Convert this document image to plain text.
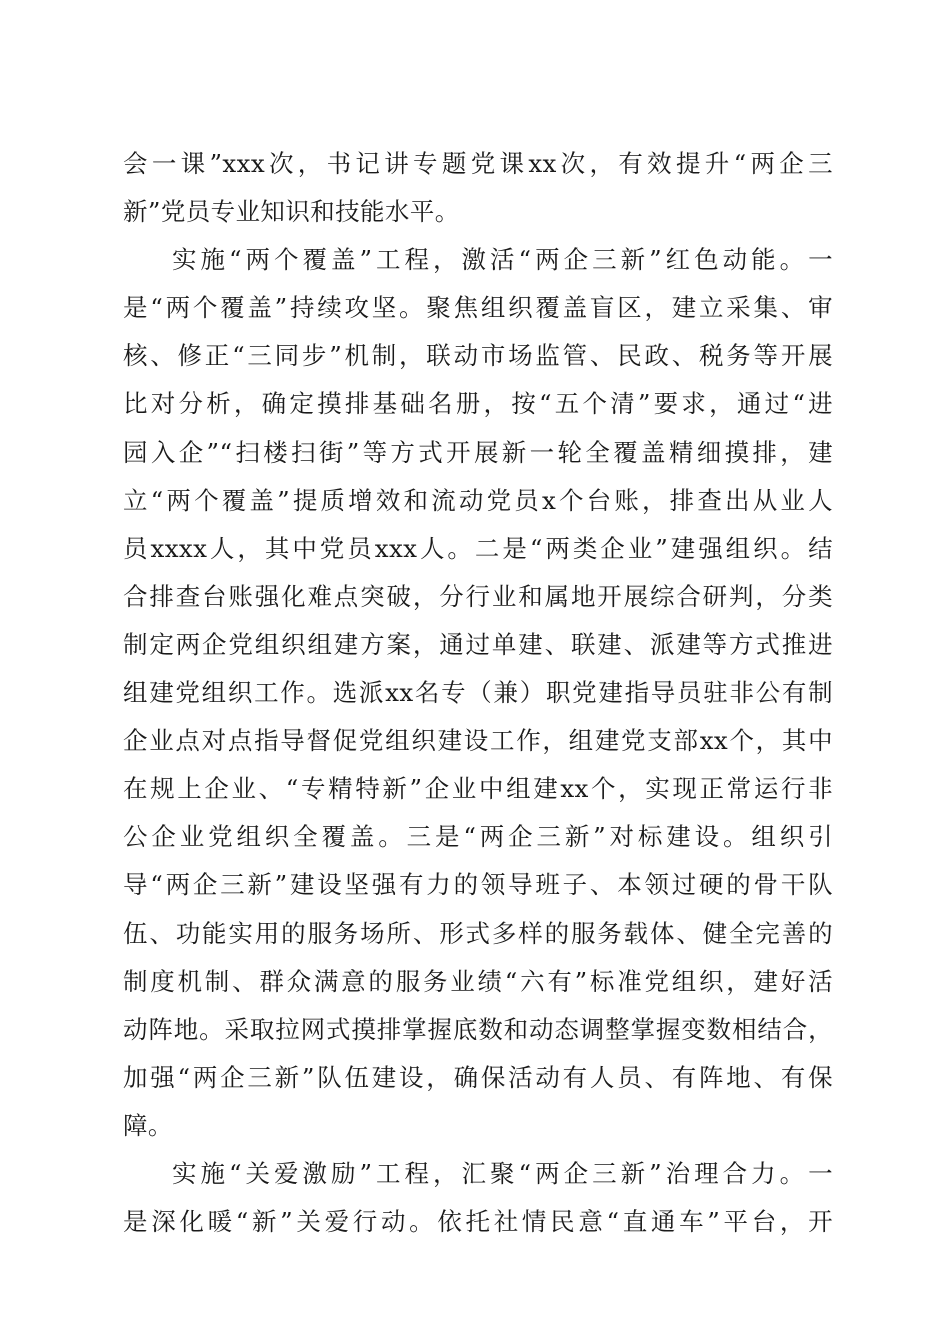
会一课”xxx次，书记讲专题党课xx次，有效提升“两企三
新”党员专业知识和技能水平。
实施“两个覆盖”工程，激活“两企三新”红色动能。一
是“两个覆盖”持续攻坚。聚焦组织覆盖盲区，建立采集、审
核、修正“三同步”机制，联动市场监管、民政、税务等开展
比对分析，确定摸排基础名册，按“五个清”要求，通过“进
园入企”“扫楼扫街”等方式开展新一轮全覆盖精细摸排，建
立“两个覆盖”提质增效和流动党员x个台账，排查出从业人
员xxxx人，其中党员xxx人。二是“两类企业”建强组织。结
合排查台账强化难点突破，分行业和属地开展综合研判，分类
制定两企党组织组建方案，通过单建、联建、派建等方式推进
组建党组织工作。选派xx名专（兼）职党建指导员驻非公有制
企业点对点指导督促党组织建设工作，组建党支部xx个，其中
在规上企业、“专精特新”企业中组建xx个，实现正常运行非
公企业党组织全覆盖。三是“两企三新”对标建设。组织引
导“两企三新”建设坚强有力的领导班子、本领过硬的骨干队
伍、功能实用的服务场所、形式多样的服务载体、健全完善的
制度机制、群众满意的服务业绩“六有”标准党组织，建好活
动阵地。采取拉网式摸排掌握底数和动态调整掌握变数相结合，
加强“两企三新”队伍建设，确保活动有人员、有阵地、有保
障。
实施“关爱激励”工程，汇聚“两企三新”治理合力。一
是深化暖“新”关爱行动。依托社情民意“直通车”平台，开
